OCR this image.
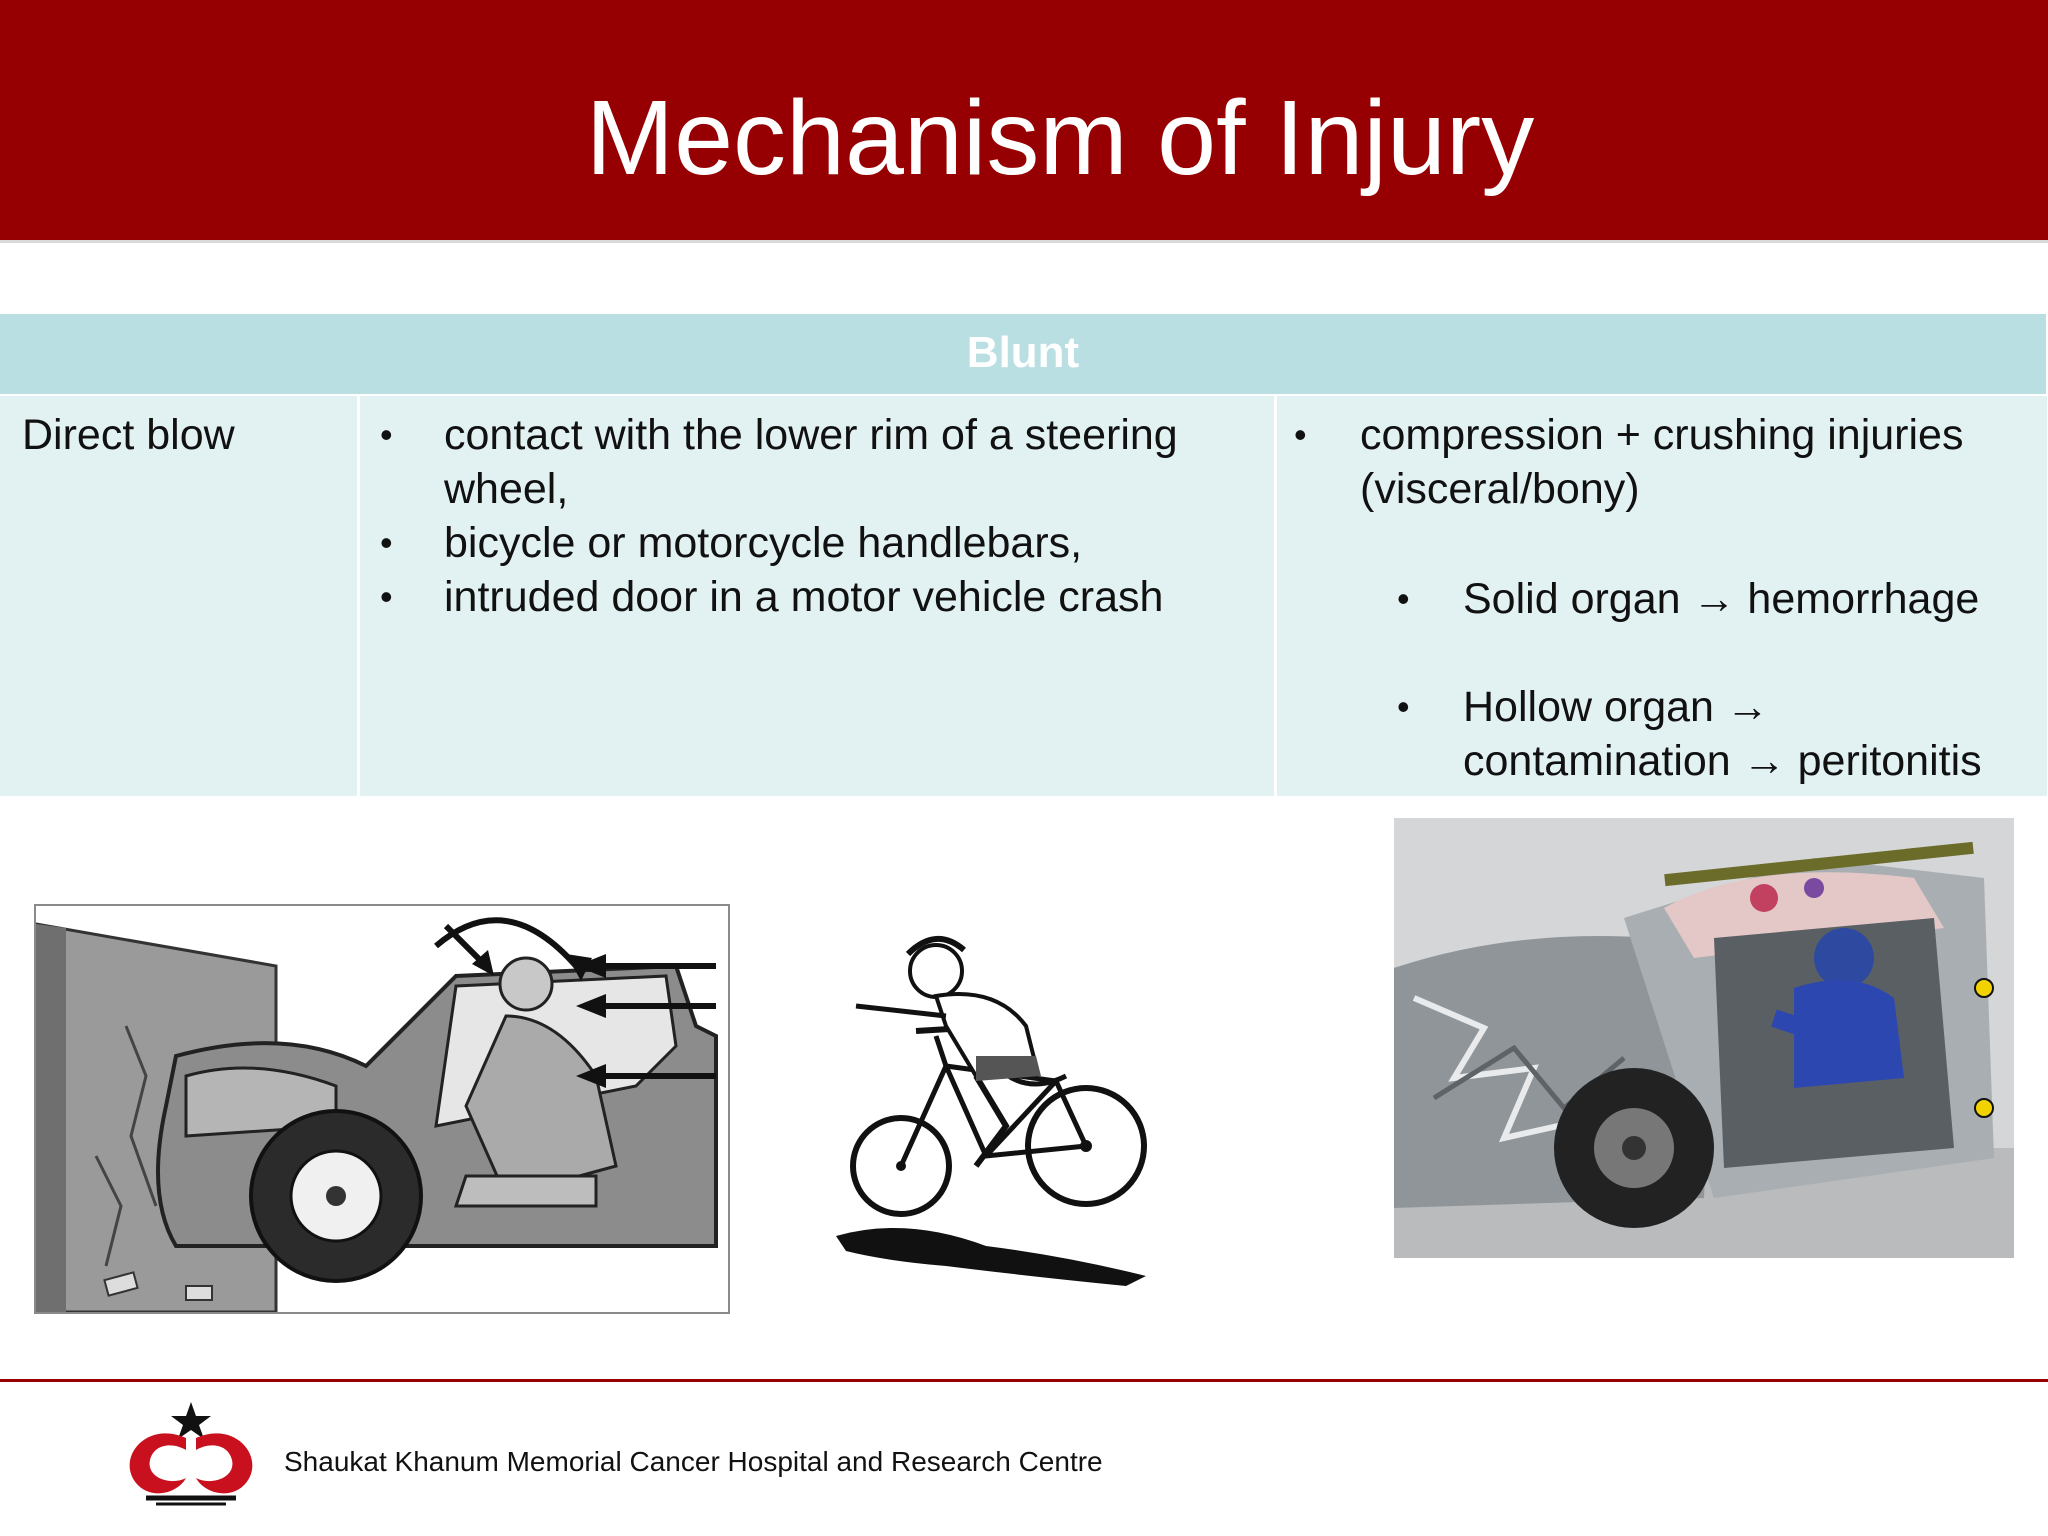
Mechanism of Injury
Blunt
Direct blow	• contact with the lower rim of a steering
wheel,
• bicycle or motorcycle handlebars,
• intruded door in a motor vehicle crash
• compression + crushing injuries
(visceral/bony)
• Solid organ → hemorrhage
• Hollow organ →
contamination → peritonitis
Shaukat Khanum Memorial Cancer Hospital and Research Centre
